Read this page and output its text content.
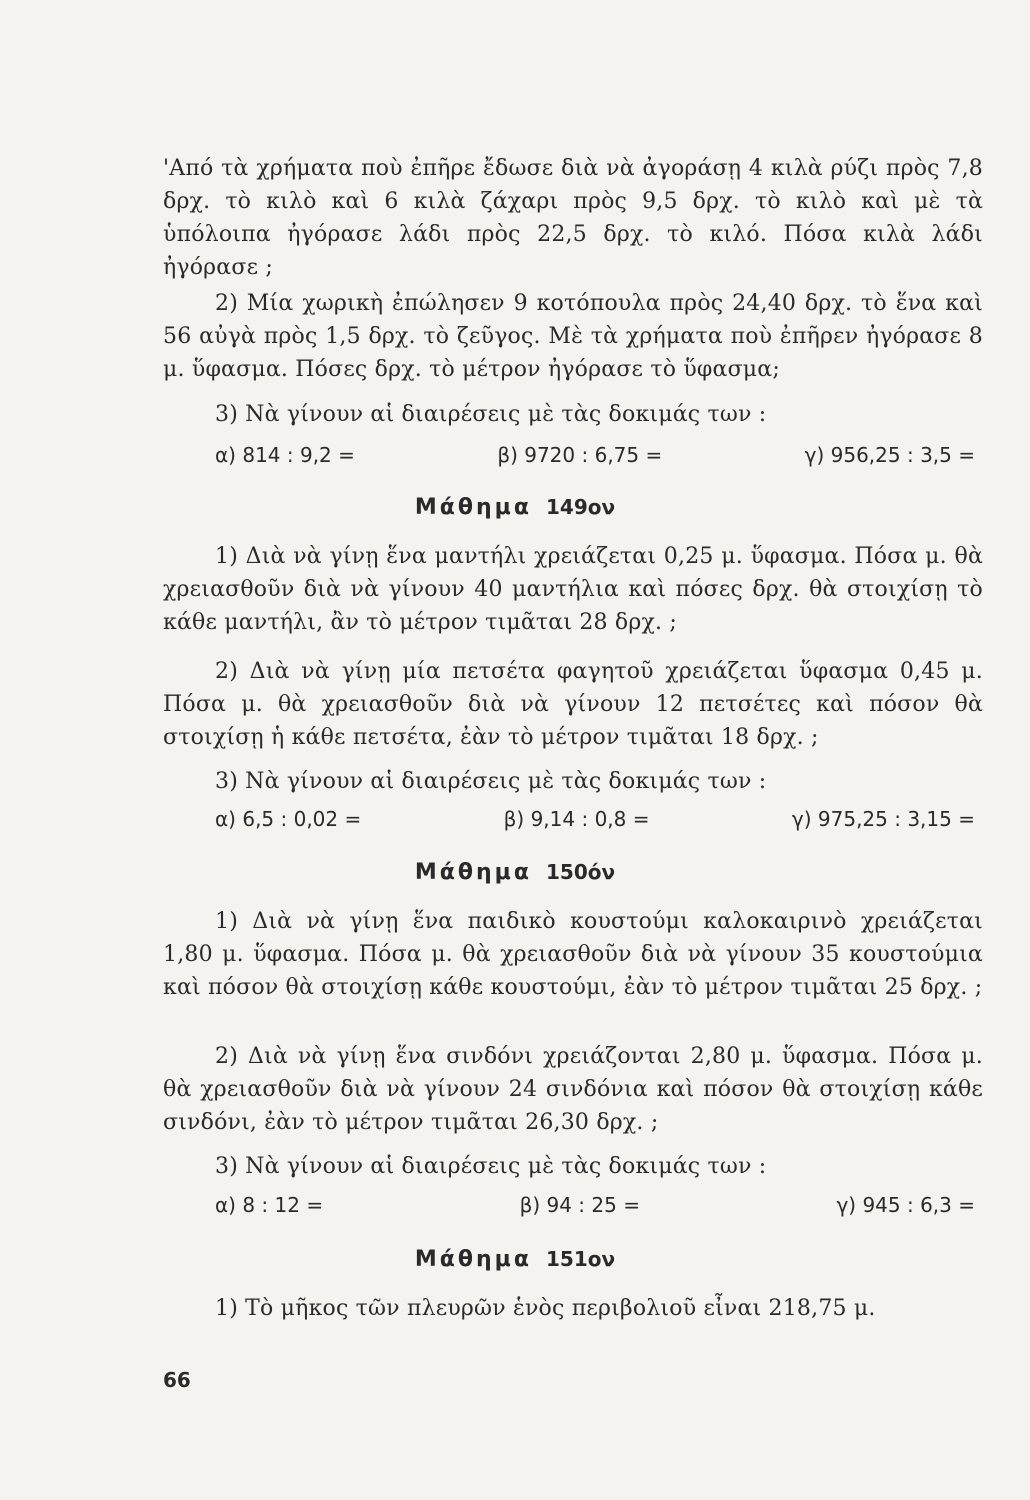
'Από τὰ χρήματα ποὺ ἐπῆρε ἔδωσε διὰ νὰ ἀγοράσῃ 4 κιλὰ ρύζι πρὸς 7,8 δρχ. τὸ κιλὸ καὶ 6 κιλὰ ζάχαρι πρὸς 9,5 δρχ. τὸ κιλὸ καὶ μὲ τὰ ὑπόλοιπα ἠγόρασε λάδι πρὸς 22,5 δρχ. τὸ κιλό. Πόσα κιλὰ λάδι ἠγόρασε ;
2) Μία χωρικὴ ἐπώλησεν 9 κοτόπουλα πρὸς 24,40 δρχ. τὸ ἕνα καὶ 56 αὐγὰ πρὸς 1,5 δρχ. τὸ ζεῦγος. Μὲ τὰ χρήματα ποὺ ἐπῆρεν ἠγόρασε 8 μ. ὕφασμα. Πόσες δρχ. τὸ μέτρον ἠγόρασε τὸ ὕφασμα;
3) Νὰ γίνουν αἱ διαιρέσεις μὲ τὰς δοκιμάς των :
α) 814 : 9,2 =	β) 9720 : 6,75 =	γ) 956,25 : 3,5 =
Μάθημα 149ον
1) Διὰ νὰ γίνῃ ἕνα μαντήλι χρειάζεται 0,25 μ. ὕφασμα. Πόσα μ. θὰ χρειασθοῦν διὰ νὰ γίνουν 40 μαντήλια καὶ πόσες δρχ. θὰ στοιχίσῃ τὸ κάθε μαντήλι, ἂν τὸ μέτρον τιμᾶται 28 δρχ. ;
2) Διὰ νὰ γίνῃ μία πετσέτα φαγητοῦ χρειάζεται ὕφασμα 0,45 μ. Πόσα μ. θὰ χρειασθοῦν διὰ νὰ γίνουν 12 πετσέτες καὶ πόσον θὰ στοιχίσῃ ἡ κάθε πετσέτα, ἐὰν τὸ μέτρον τιμᾶται 18 δρχ. ;
3) Νὰ γίνουν αἱ διαιρέσεις μὲ τὰς δοκιμάς των :
α) 6,5 : 0,02 =	β) 9,14 : 0,8 =	γ) 975,25 : 3,15 =
Μάθημα 150όν
1) Διὰ νὰ γίνῃ ἕνα παιδικὸ κουστούμι καλοκαιρινὸ χρειάζεται 1,80 μ. ὕφασμα. Πόσα μ. θὰ χρειασθοῦν διὰ νὰ γίνουν 35 κουστούμια καὶ πόσον θὰ στοιχίσῃ κάθε κουστούμι, ἐὰν τὸ μέτρον τιμᾶται 25 δρχ. ;
2) Διὰ νὰ γίνῃ ἕνα σινδόνι χρειάζονται 2,80 μ. ὕφασμα. Πόσα μ. θὰ χρειασθοῦν διὰ νὰ γίνουν 24 σινδόνια καὶ πόσον θὰ στοιχίσῃ κάθε σινδόνι, ἐὰν τὸ μέτρον τιμᾶται 26,30 δρχ. ;
3) Νὰ γίνουν αἱ διαιρέσεις μὲ τὰς δοκιμάς των :
α) 8 : 12 =	β) 94 : 25 =	γ) 945 : 6,3 =
Μάθημα 151ον
1) Τὸ μῆκος τῶν πλευρῶν ἑνὸς περιβολιοῦ εἶναι 218,75 μ.
66
